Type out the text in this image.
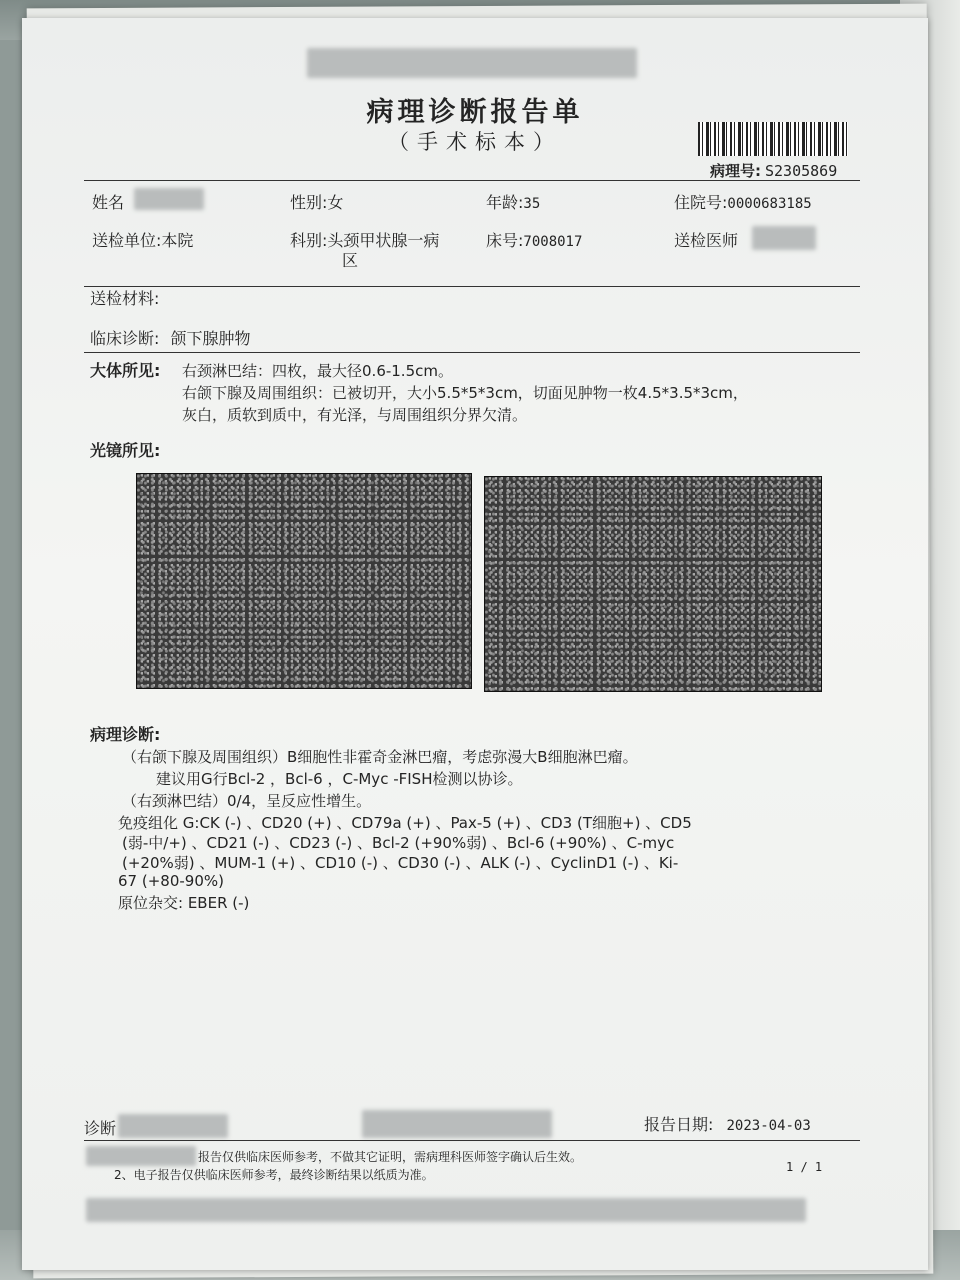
病理诊断报告单
（手术标本）
病理号: S2305869
姓名	性别:女	年龄:35	住院号:0000683185
送检单位:本院	科别:头颈甲状腺一病
区
床号:7008017	送检医师
送检材料:
临床诊断: 颌下腺肿物
大体所见: 右颈淋巴结：四枚，最大径0.6-1.5cm。
右颌下腺及周围组织：已被切开，大小5.5*5*3cm，切面见肿物一枚4.5*3.5*3cm，
灰白，质软到质中，有光泽，与周围组织分界欠清。
光镜所见:
病理诊断:
（右颌下腺及周围组织）B细胞性非霍奇金淋巴瘤，考虑弥漫大B细胞淋巴瘤。
建议用G行Bcl-2 ，Bcl-6 ，C-Myc -FISH检测以协诊。
（右颈淋巴结）0/4，呈反应性增生。
免疫组化 G:CK (-) 、CD20 (+) 、CD79a (+) 、Pax-5 (+) 、CD3 (T细胞+) 、CD5
(弱-中/+) 、CD21 (-) 、CD23 (-) 、Bcl-2 (+90%弱) 、Bcl-6 (+90%) 、C-myc
(+20%弱) 、MUM-1 (+) 、CD10 (-) 、CD30 (-) 、ALK (-) 、CyclinD1 (-) 、Ki-
67 (+80-90%)
原位杂交: EBER (-)
诊断	报告日期: 2023-04-03
报告仅供临床医师参考，不做其它证明，需病理科医师签字确认后生效。
2、电子报告仅供临床医师参考，最终诊断结果以纸质为准。
1 / 1
